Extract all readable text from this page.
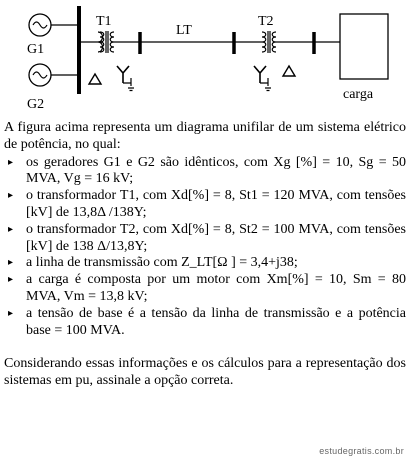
G1
G2
T1
LT
T2
carga

A figura acima representa um diagrama unifilar de um sistema elétrico de potência, no qual:

▸ os geradores G1 e G2 são idênticos, com Xg [%] = 10, Sg = 50 MVA, Vg = 16 kV;
▸ o transformador T1, com Xd[%] = 8, St1 = 120 MVA, com tensões [kV] de 13,8Δ /138Y;
▸ o transformador T2, com Xd[%] = 8, St2 = 100 MVA, com tensões [kV] de 138 Δ/13,8Y;
▸ a linha de transmissão com Z_LT[Ω ] = 3,4+j38;
▸ a carga é composta por um motor com Xm[%] = 10, Sm = 80 MVA, Vm = 13,8 kV;
▸ a tensão de base é a tensão da linha de transmissão e a potência base = 100 MVA.

Considerando essas informações e os cálculos para a representação dos sistemas em pu, assinale a opção correta.

estudegratis.com.br
